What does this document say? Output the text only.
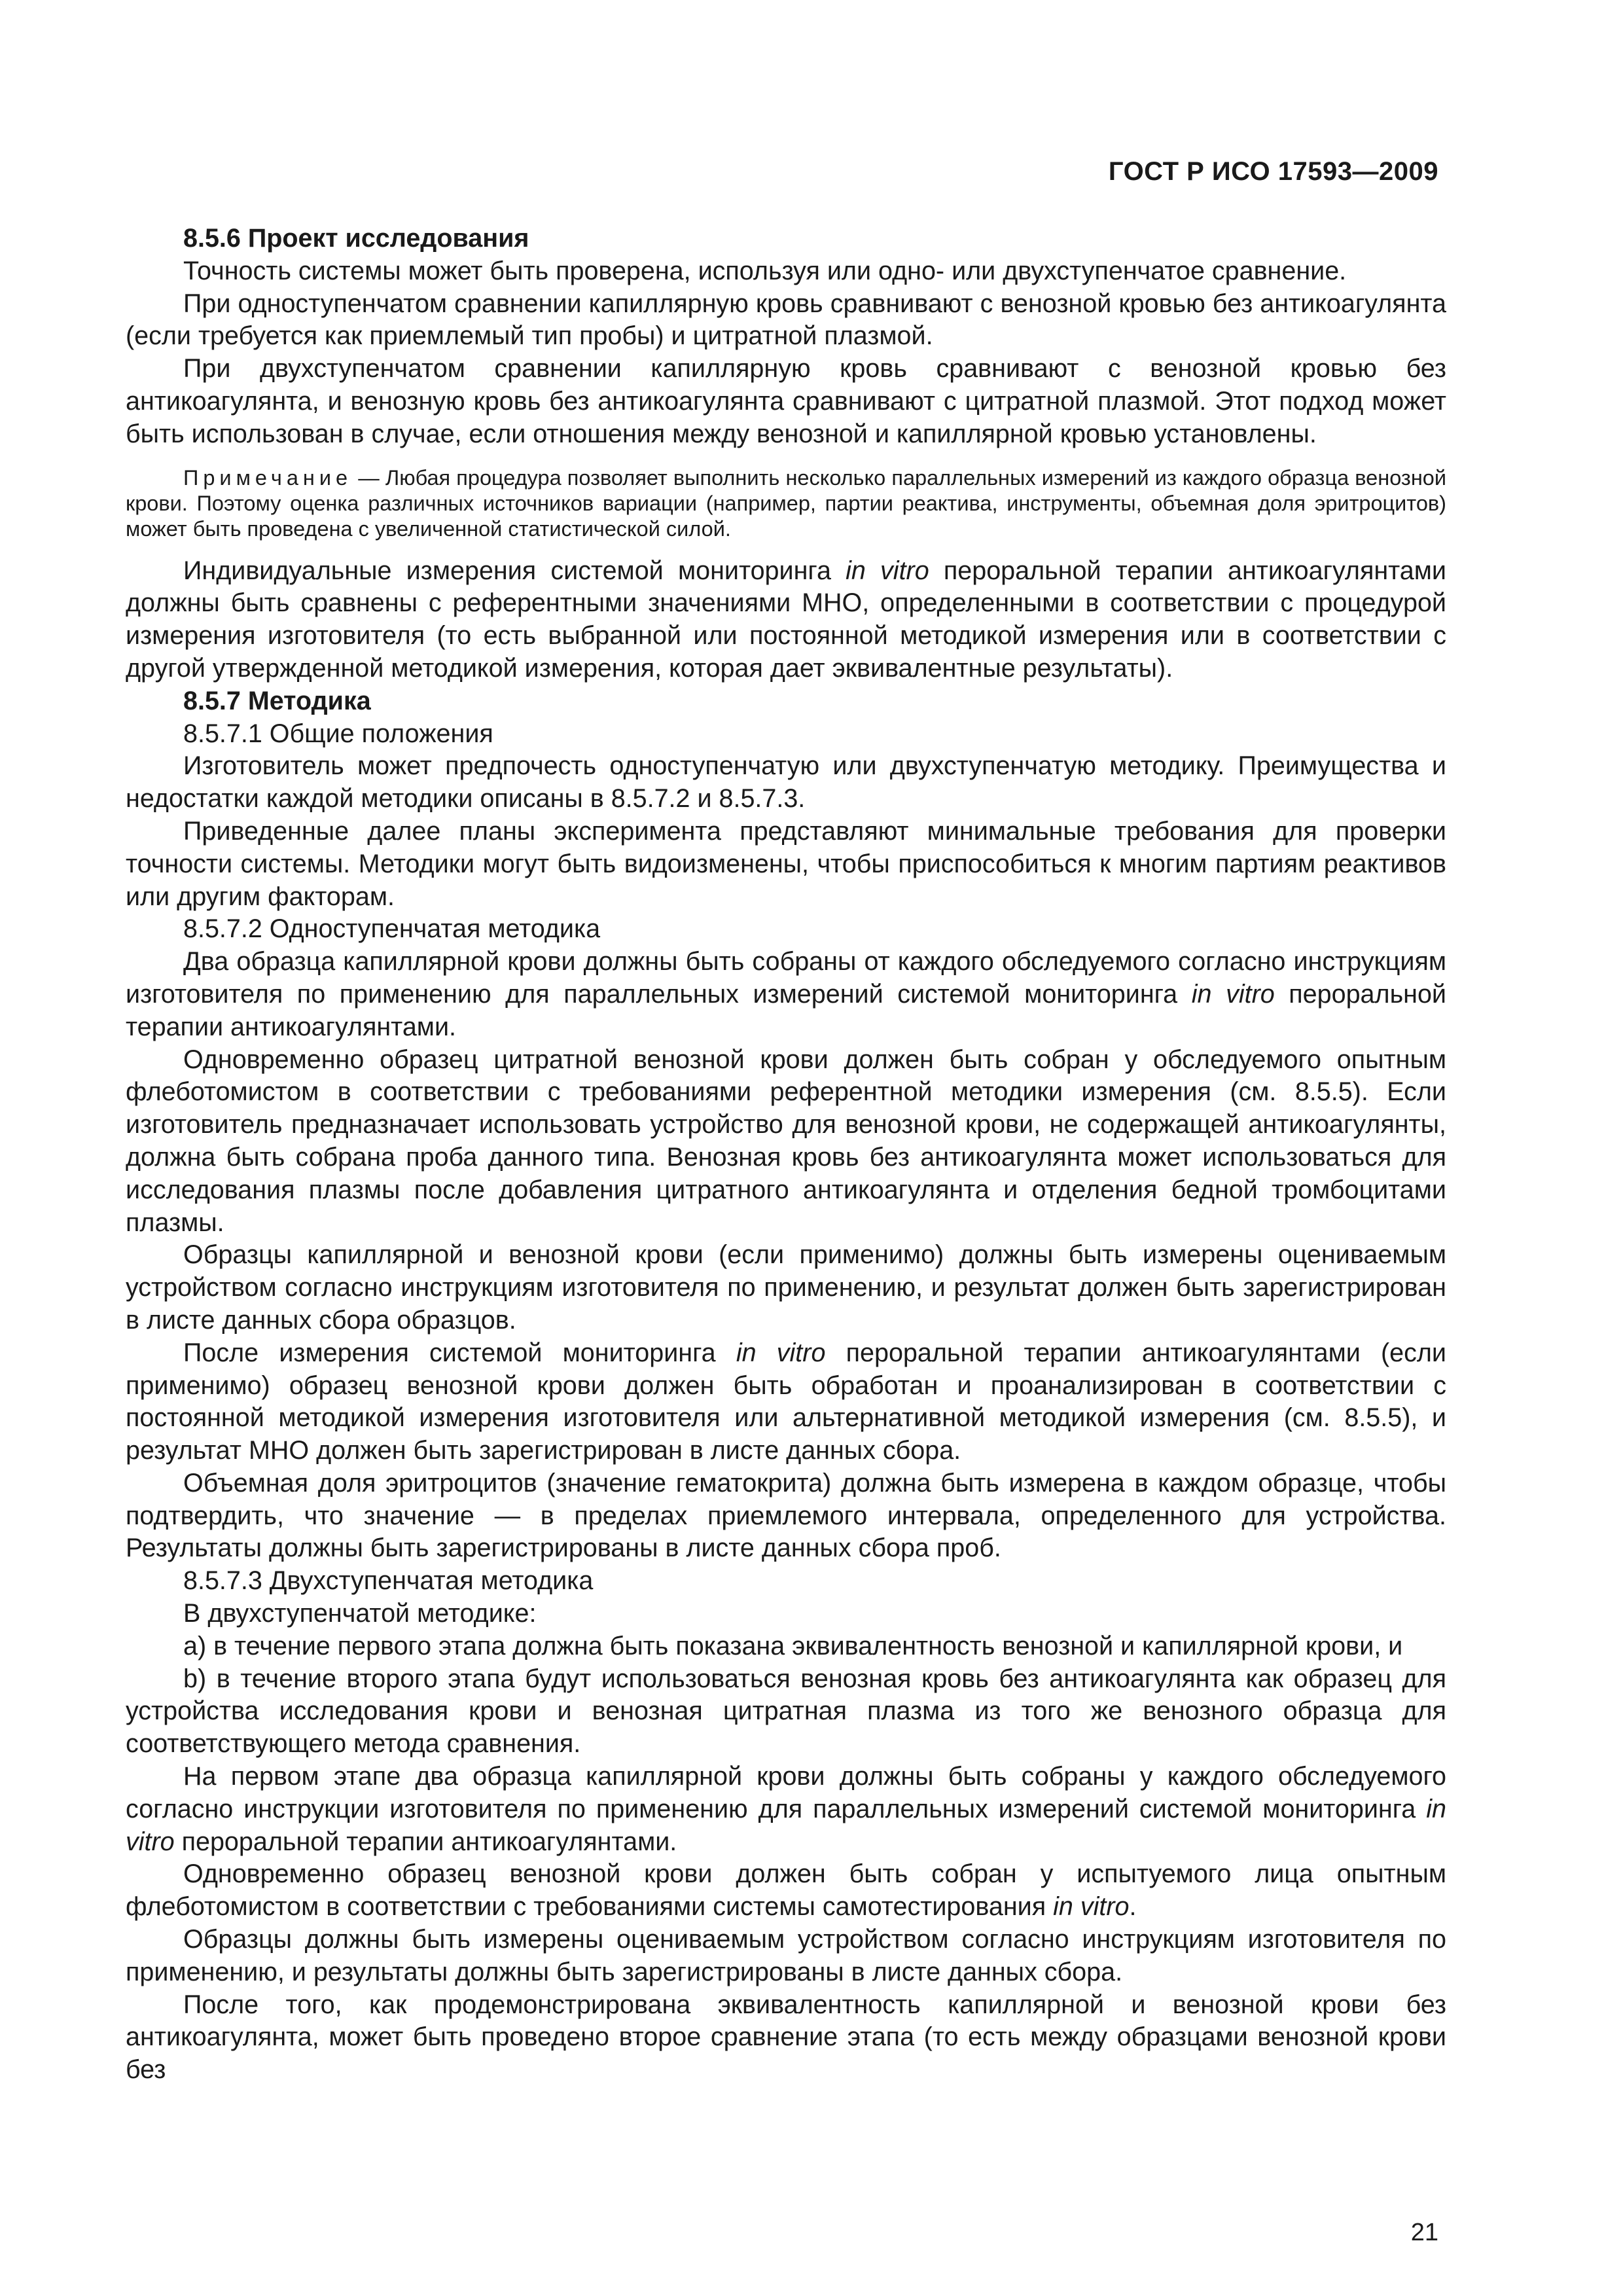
ГОСТ Р ИСО 17593—2009

8.5.6 Проект исследования

Точность системы может быть проверена, используя или одно- или двухступенчатое сравнение.

При одноступенчатом сравнении капиллярную кровь сравнивают с венозной кровью без антикоагулянта (если требуется как приемлемый тип пробы) и цитратной плазмой.

При двухступенчатом сравнении капиллярную кровь сравнивают с венозной кровью без антикоагулянта, и венозную кровь без антикоагулянта сравнивают с цитратной плазмой. Этот подход может быть использован в случае, если отношения между венозной и капиллярной кровью установлены.

Примечание — Любая процедура позволяет выполнить несколько параллельных измерений из каждого образца венозной крови. Поэтому оценка различных источников вариации (например, партии реактива, инструменты, объемная доля эритроцитов) может быть проведена с увеличенной статистической силой.

Индивидуальные измерения системой мониторинга in vitro пероральной терапии антикоагулянтами должны быть сравнены с референтными значениями МНО, определенными в соответствии с процедурой измерения изготовителя (то есть выбранной или постоянной методикой измерения или в соответствии с другой утвержденной методикой измерения, которая дает эквивалентные результаты).

8.5.7 Методика

8.5.7.1 Общие положения

Изготовитель может предпочесть одноступенчатую или двухступенчатую методику. Преимущества и недостатки каждой методики описаны в 8.5.7.2 и 8.5.7.3.

Приведенные далее планы эксперимента представляют минимальные требования для проверки точности системы. Методики могут быть видоизменены, чтобы приспособиться к многим партиям реактивов или другим факторам.

8.5.7.2 Одноступенчатая методика

Два образца капиллярной крови должны быть собраны от каждого обследуемого согласно инструкциям изготовителя по применению для параллельных измерений системой мониторинга in vitro пероральной терапии антикоагулянтами.

Одновременно образец цитратной венозной крови должен быть собран у обследуемого опытным флеботомистом в соответствии с требованиями референтной методики измерения (см. 8.5.5). Если изготовитель предназначает использовать устройство для венозной крови, не содержащей антикоагулянты, должна быть собрана проба данного типа. Венозная кровь без антикоагулянта может использоваться для исследования плазмы после добавления цитратного антикоагулянта и отделения бедной тромбоцитами плазмы.

Образцы капиллярной и венозной крови (если применимо) должны быть измерены оцениваемым устройством согласно инструкциям изготовителя по применению, и результат должен быть зарегистрирован в листе данных сбора образцов.

После измерения системой мониторинга in vitro пероральной терапии антикоагулянтами (если применимо) образец венозной крови должен быть обработан и проанализирован в соответствии с постоянной методикой измерения изготовителя или альтернативной методикой измерения (см. 8.5.5), и результат МНО должен быть зарегистрирован в листе данных сбора.

Объемная доля эритроцитов (значение гематокрита) должна быть измерена в каждом образце, чтобы подтвердить, что значение — в пределах приемлемого интервала, определенного для устройства. Результаты должны быть зарегистрированы в листе данных сбора проб.

8.5.7.3 Двухступенчатая методика

В двухступенчатой методике:

a) в течение первого этапа должна быть показана эквивалентность венозной и капиллярной крови, и

b) в течение второго этапа будут использоваться венозная кровь без антикоагулянта как образец для устройства исследования крови и венозная цитратная плазма из того же венозного образца для соответствующего метода сравнения.

На первом этапе два образца капиллярной крови должны быть собраны у каждого обследуемого согласно инструкции изготовителя по применению для параллельных измерений системой мониторинга in vitro пероральной терапии антикоагулянтами.

Одновременно образец венозной крови должен быть собран у испытуемого лица опытным флеботомистом в соответствии с требованиями системы самотестирования in vitro.

Образцы должны быть измерены оцениваемым устройством согласно инструкциям изготовителя по применению, и результаты должны быть зарегистрированы в листе данных сбора.

После того, как продемонстрирована эквивалентность капиллярной и венозной крови без антикоагулянта, может быть проведено второе сравнение этапа (то есть между образцами венозной крови без

21
